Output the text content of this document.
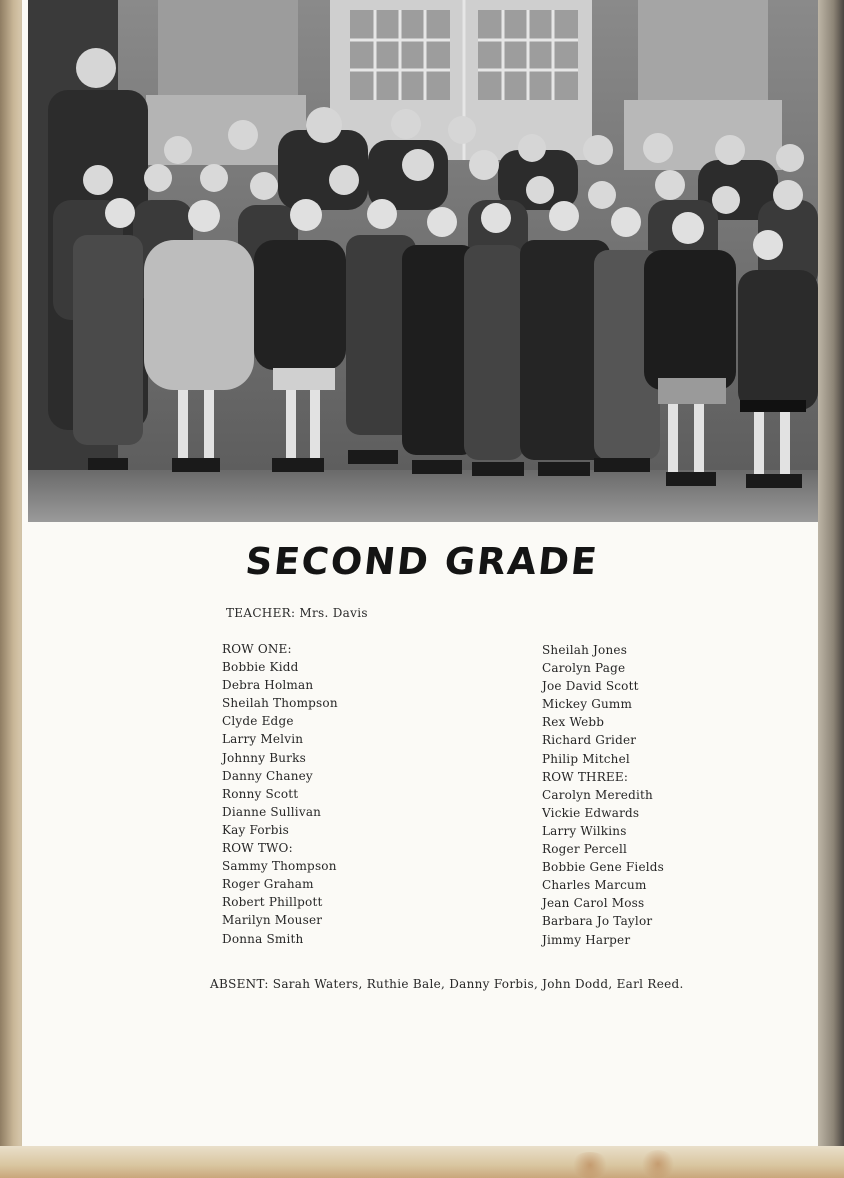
SECOND GRADE
TEACHER: Mrs. Davis
ROW ONE:
Bobbie Kidd
Debra Holman
Sheilah Thompson
Clyde Edge
Larry Melvin
Johnny Burks
Danny Chaney
Ronny Scott
Dianne Sullivan
Kay Forbis
ROW TWO:
Sammy Thompson
Roger Graham
Robert Phillpott
Marilyn Mouser
Donna Smith
Sheilah Jones
Carolyn Page
Joe David Scott
Mickey Gumm
Rex Webb
Richard Grider
Philip Mitchel
ROW THREE:
Carolyn Meredith
Vickie Edwards
Larry Wilkins
Roger Percell
Bobbie Gene Fields
Charles Marcum
Jean Carol Moss
Barbara Jo Taylor
Jimmy Harper
ABSENT: Sarah Waters, Ruthie Bale, Danny Forbis, John Dodd, Earl Reed.
